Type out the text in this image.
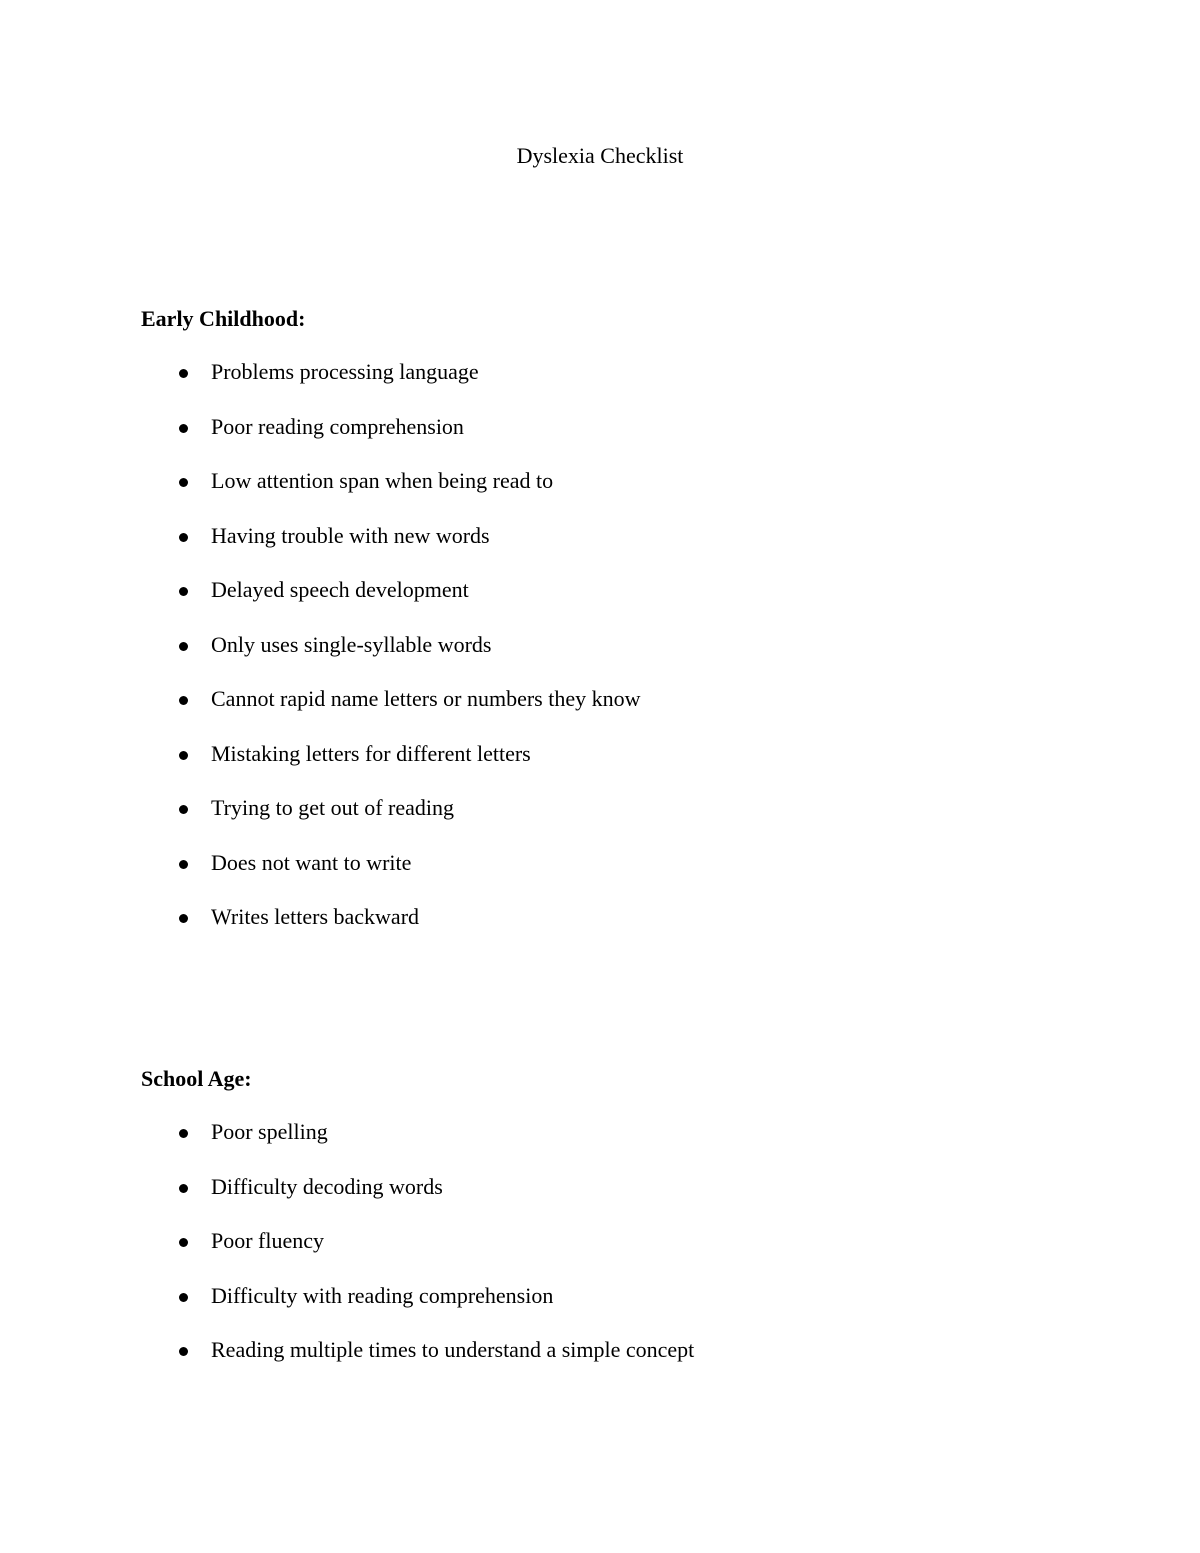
Dyslexia Checklist
Early Childhood:
Problems processing language
Poor reading comprehension
Low attention span when being read to
Having trouble with new words
Delayed speech development
Only uses single-syllable words
Cannot rapid name letters or numbers they know
Mistaking letters for different letters
Trying to get out of reading
Does not want to write
Writes letters backward
School Age:
Poor spelling
Difficulty decoding words
Poor fluency
Difficulty with reading comprehension
Reading multiple times to understand a simple concept
